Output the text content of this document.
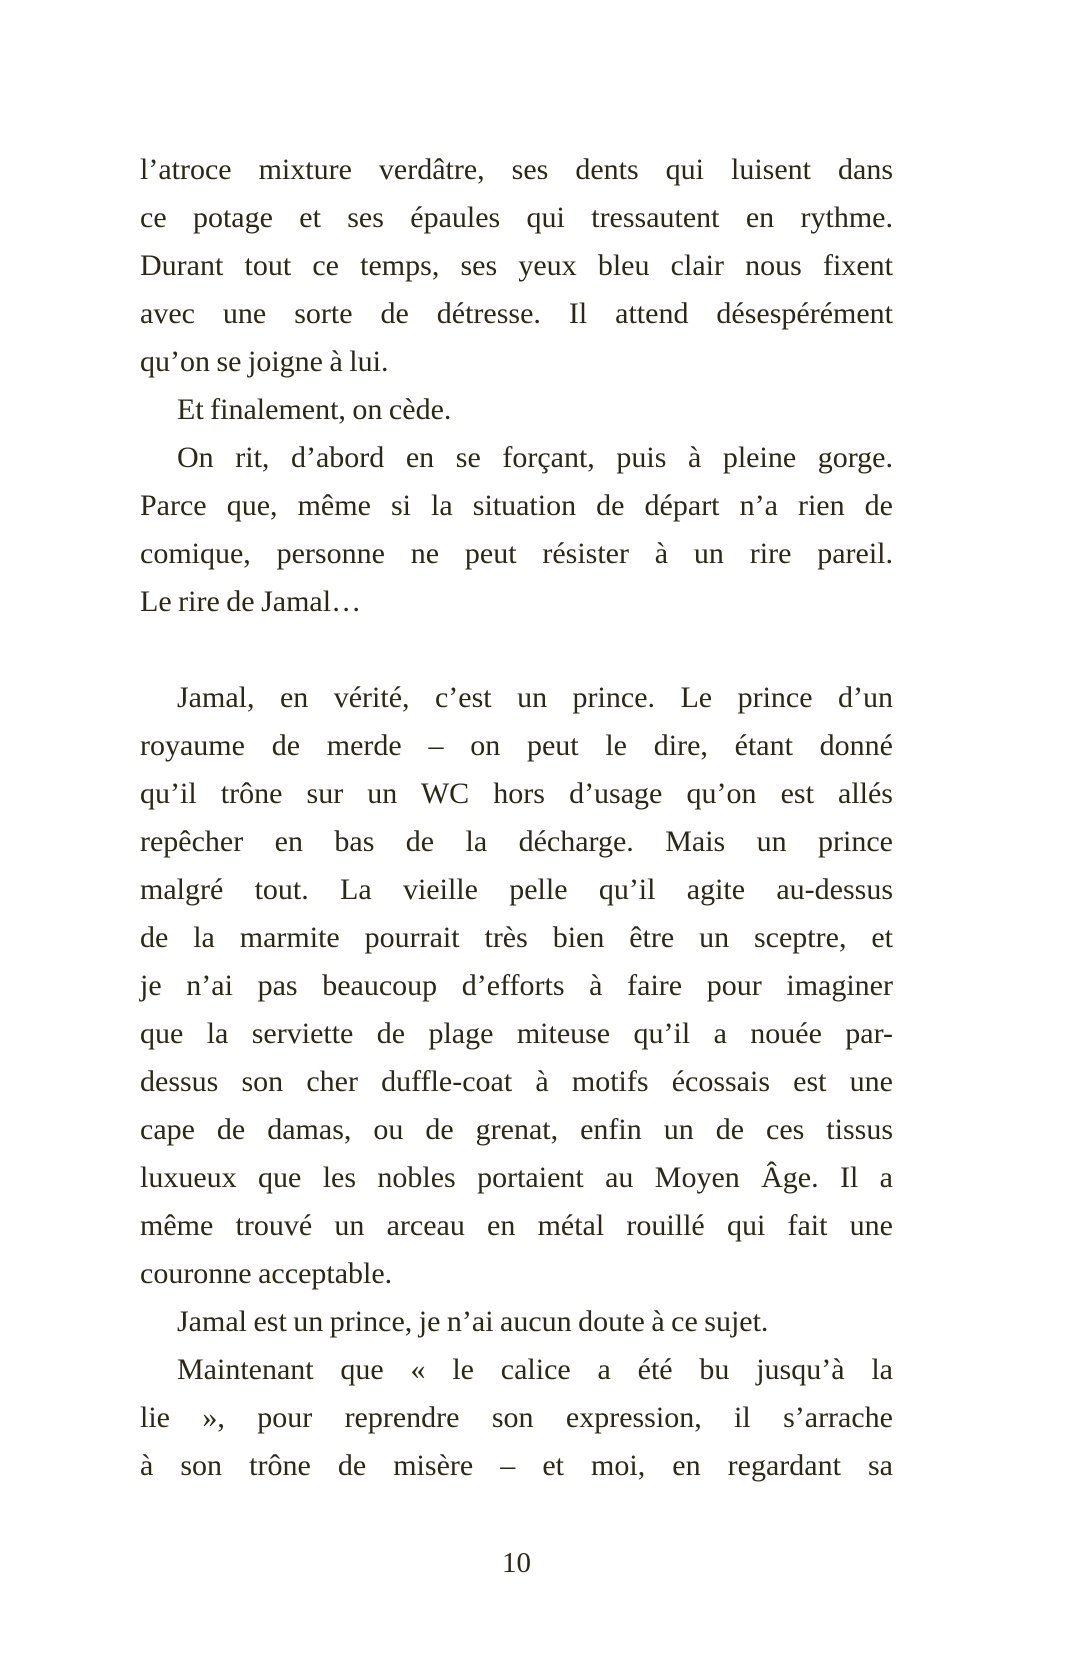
l’atroce mixture verdâtre, ses dents qui luisent dans
ce potage et ses épaules qui tressautent en rythme.
Durant tout ce temps, ses yeux bleu clair nous fixent
avec une sorte de détresse. Il attend désespérément
qu’on se joigne à lui.
Et finalement, on cède.
On rit, d’abord en se forçant, puis à pleine gorge.
Parce que, même si la situation de départ n’a rien de
comique, personne ne peut résister à un rire pareil.
Le rire de Jamal…
Jamal, en vérité, c’est un prince. Le prince d’un
royaume de merde – on peut le dire, étant donné
qu’il trône sur un WC hors d’usage qu’on est allés
repêcher en bas de la décharge. Mais un prince
malgré tout. La vieille pelle qu’il agite au-dessus
de la marmite pourrait très bien être un sceptre, et
je n’ai pas beaucoup d’efforts à faire pour imaginer
que la serviette de plage miteuse qu’il a nouée par-
dessus son cher duffle-coat à motifs écossais est une
cape de damas, ou de grenat, enfin un de ces tissus
luxueux que les nobles portaient au Moyen Âge. Il a
même trouvé un arceau en métal rouillé qui fait une
couronne acceptable.
Jamal est un prince, je n’ai aucun doute à ce sujet.
Maintenant que « le calice a été bu jusqu’à la
lie », pour reprendre son expression, il s’arrache
à son trône de misère – et moi, en regardant sa
10
